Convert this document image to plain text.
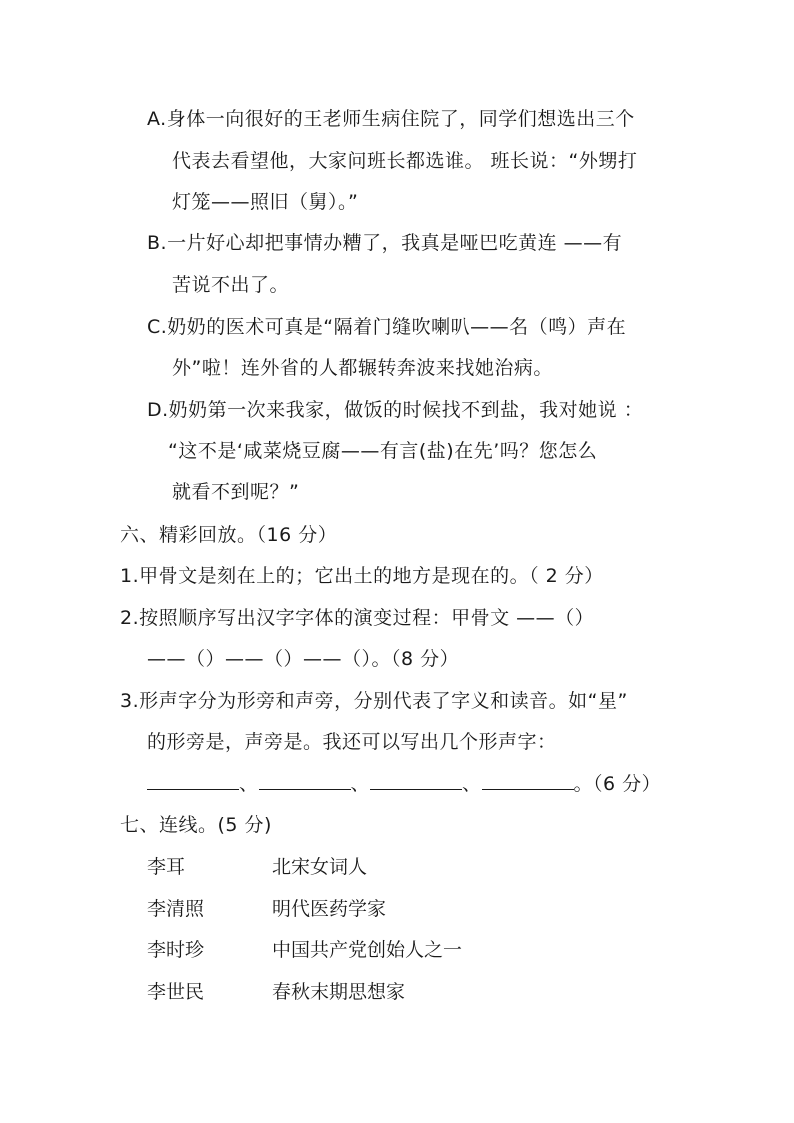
A.身体一向很好的王老师生病住院了，同学们想选出三个
代表去看望他，大家问班长都选谁。 班长说：“外甥打
灯笼——照旧（舅）。”
B.一片好心却把事情办糟了，我真是哑巴吃黄连 ——有
苦说不出了。
C.奶奶的医术可真是“隔着门缝吹喇叭——名（鸣）声在
外”啦！连外省的人都辗转奔波来找她治病。
D.奶奶第一次来我家，做饭的时候找不到盐，我对她说 ：
“这不是‘咸菜烧豆腐——有言(盐)在先’吗？您怎么
就看不到呢？”
六、精彩回放。（16 分）
1.甲骨文是刻在上的；它出土的地方是现在的。（ 2 分）
2.按照顺序写出汉字字体的演变过程：甲骨文 ——（）
——（）——（）——（）。（8 分）
3.形声字分为形旁和声旁，分别代表了字义和读音。如“星”
的形旁是，声旁是。我还可以写出几个形声字：
、	、	、	。（6 分）
七、连线。(5 分)
李耳	北宋女词人
李清照	明代医药学家
李时珍	中国共产党创始人之一
李世民	春秋末期思想家
